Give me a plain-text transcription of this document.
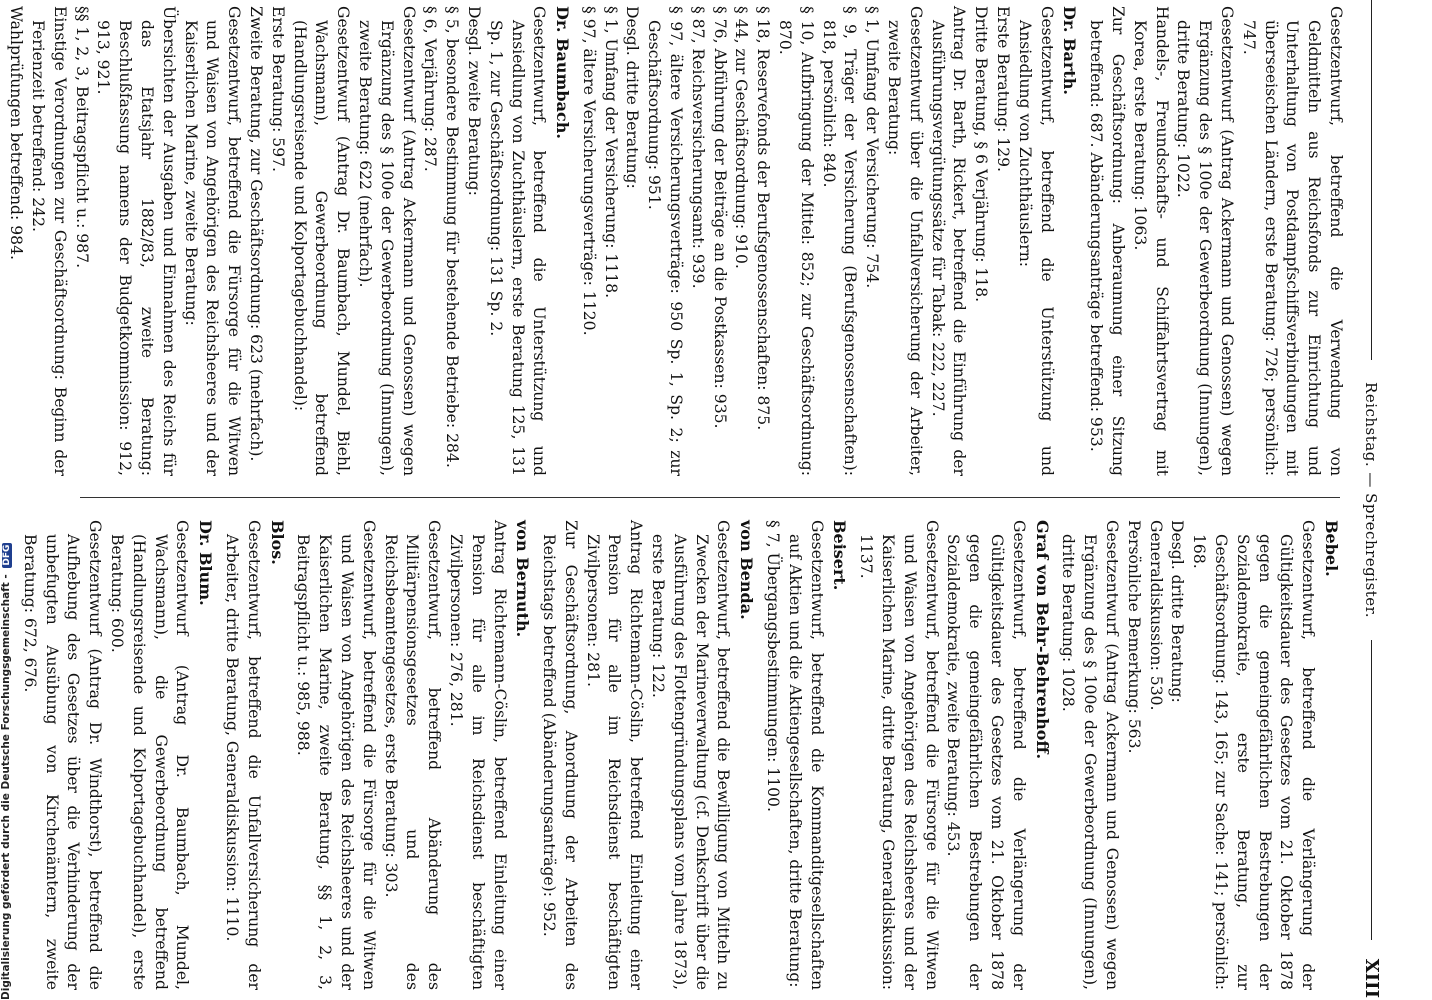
Reichstag. — Sprechregister.
XIII
Gesetzentwurf, betreffend die Verwendung von Geldmitteln aus Reichsfonds zur Einrichtung und Unterhaltung von Postdampfschiffsverbindungen mit überseeischen Ländern, erste Beratung: 726; persönlich: 747.
Gesetzentwurf (Antrag Ackermann und Genossen) wegen Ergänzung des § 100e der Gewerbeordnung (Innungen), dritte Beratung: 1022.
Handels-, Freundschafts- und Schiffahrtsvertrag mit Korea, erste Beratung: 1063.
Zur Geschäftsordnung: Anberaumung einer Sitzung betreffend: 687. Abänderungsanträge betreffend: 953.
Dr. Barth.
Gesetzentwurf, betreffend die Unterstützung und Ansiedlung von Zuchthäuslern:
Erste Beratung: 129.
Dritte Beratung, § 6 Verjährung: 118.
Antrag Dr. Barth, Rickert, betreffend die Einführung der Ausführungsvergütungssätze für Tabak: 222, 227.
Gesetzentwurf über die Unfallversicherung der Arbeiter, zweite Beratung:
§ 1, Umfang der Versicherung: 754.
§ 9, Träger der Versicherung (Berufsgenossenschaften): 818, persönlich: 840.
§ 10, Aufbringung der Mittel: 852; zur Geschäftsordnung: 870.
§ 18, Reservefonds der Berufsgenossenschaften: 875.
§ 44, zur Geschäftsordnung: 910.
§ 76, Abführung der Beiträge an die Postkassen: 935.
§ 87, Reichsversicherungsamt: 939.
§ 97, ältere Versicherungsverträge: 950 Sp. 1, Sp. 2; zur Geschäftsordnung: 951.
Desgl. dritte Beratung:
§ 1, Umfang der Versicherung: 1118.
§ 97, ältere Versicherungsverträge: 1120.
Dr. Baumbach.
Gesetzentwurf, betreffend die Unterstützung und Ansiedlung von Zuchthäuslern, erste Beratung 125, 131 Sp. 1, zur Geschäftsordnung: 131 Sp. 2.
Desgl. zweite Beratung:
§ 5, besondere Bestimmung für bestehende Betriebe: 284.
§ 6, Verjährung: 287.
Gesetzentwurf (Antrag Ackermann und Genossen) wegen Ergänzung des § 100e der Gewerbeordnung (Innungen), zweite Beratung: 622 (mehrfach).
Gesetzentwurf (Antrag Dr. Baumbach, Mundel, Biehl, Wachsmann), Gewerbeordnung betreffend (Handlungsreisende und Kolportagebuchhandel):
Erste Beratung: 597.
Zweite Beratung, zur Geschäftsordnung: 623 (mehrfach).
Gesetzentwurf, betreffend die Fürsorge für die Witwen und Waisen von Angehörigen des Reichsheeres und der Kaiserlichen Marine, zweite Beratung:
Übersichten der Ausgaben und Einnahmen des Reichs für das Etatsjahr 1882/83, zweite Beratung: Beschlußfassung namens der Budgetkommission: 912, 913, 921.
§§ 1, 2, 3, Beitragspflicht u.: 987.
Einstige Verordnungen zur Geschäftsordnung: Beginn der Ferienzeit betreffend: 242.
Wahlprüfungen betreffend: 984.
Bebel.
Gesetzentwurf, betreffend die Verlängerung der Gültigkeitsdauer des Gesetzes vom 21. Oktober 1878 gegen die gemeingefährlichen Bestrebungen der Sozialdemokratie, erste Beratung, zur Geschäftsordnung: 143, 165; zur Sache: 141; persönlich: 168.
Desgl. dritte Beratung:
Generaldiskussion: 530.
Persönliche Bemerkung: 563.
Gesetzentwurf (Antrag Ackermann und Genossen) wegen Ergänzung des § 100e der Gewerbeordnung (Innungen), dritte Beratung: 1028.
Graf von Behr-Behrenhoff.
Gesetzentwurf, betreffend die Verlängerung der Gültigkeitsdauer des Gesetzes vom 21. Oktober 1878 gegen die gemeingefährlichen Bestrebungen der Sozialdemokratie, zweite Beratung: 453.
Gesetzentwurf, betreffend die Fürsorge für die Witwen und Waisen von Angehörigen des Reichsheeres und der Kaiserlichen Marine, dritte Beratung, Generaldiskussion: 1137.
Beisert.
Gesetzentwurf, betreffend die Kommanditgesellschaften auf Aktien und die Aktiengesellschaften, dritte Beratung:
§ 7, Übergangsbestimmungen: 1100.
von Benda.
Gesetzentwurf, betreffend die Bewilligung von Mitteln zu Zwecken der Marineverwaltung (cf. Denkschrift über die Ausführung des Flottengründungsplans vom Jahre 1873), erste Beratung: 122.
Antrag Richtemann-Cöslin, betreffend Einleitung einer Pension für alle im Reichsdienst beschäftigten Zivilpersonen: 281.
Zur Geschäftsordnung, Anordnung der Arbeiten des Reichstags betreffend (Abänderungsanträge): 952.
von Bernuth.
Antrag Richtemann-Cöslin, betreffend Einleitung einer Pension für alle im Reichsdienst beschäftigten Zivilpersonen: 276, 281.
Gesetzentwurf, betreffend Abänderung des Militärpensionsgesetzes und des Reichsbeamtengesetzes, erste Beratung: 303.
Gesetzentwurf, betreffend die Fürsorge für die Witwen und Waisen von Angehörigen des Reichsheeres und der Kaiserlichen Marine, zweite Beratung, §§ 1, 2, 3, Beitragspflicht u.: 985, 988.
Blos.
Gesetzentwurf, betreffend die Unfallversicherung der Arbeiter, dritte Beratung, Generaldiskussion: 1110.
Dr. Blum.
Gesetzentwurf (Antrag Dr. Baumbach, Mundel, Wachsmann), die Gewerbeordnung betreffend (Handlungsreisende und Kolportagebuchhandel), erste Beratung: 600.
Gesetzentwurf (Antrag Dr. Windthorst), betreffend die Aufhebung des Gesetzes über die Verhinderung der unbefugten Ausübung von Kirchenämtern, zweite Beratung: 672, 676.
Digitalisierung gefördert durch die Deutsche Forschungsgemeinschaft - DFG
